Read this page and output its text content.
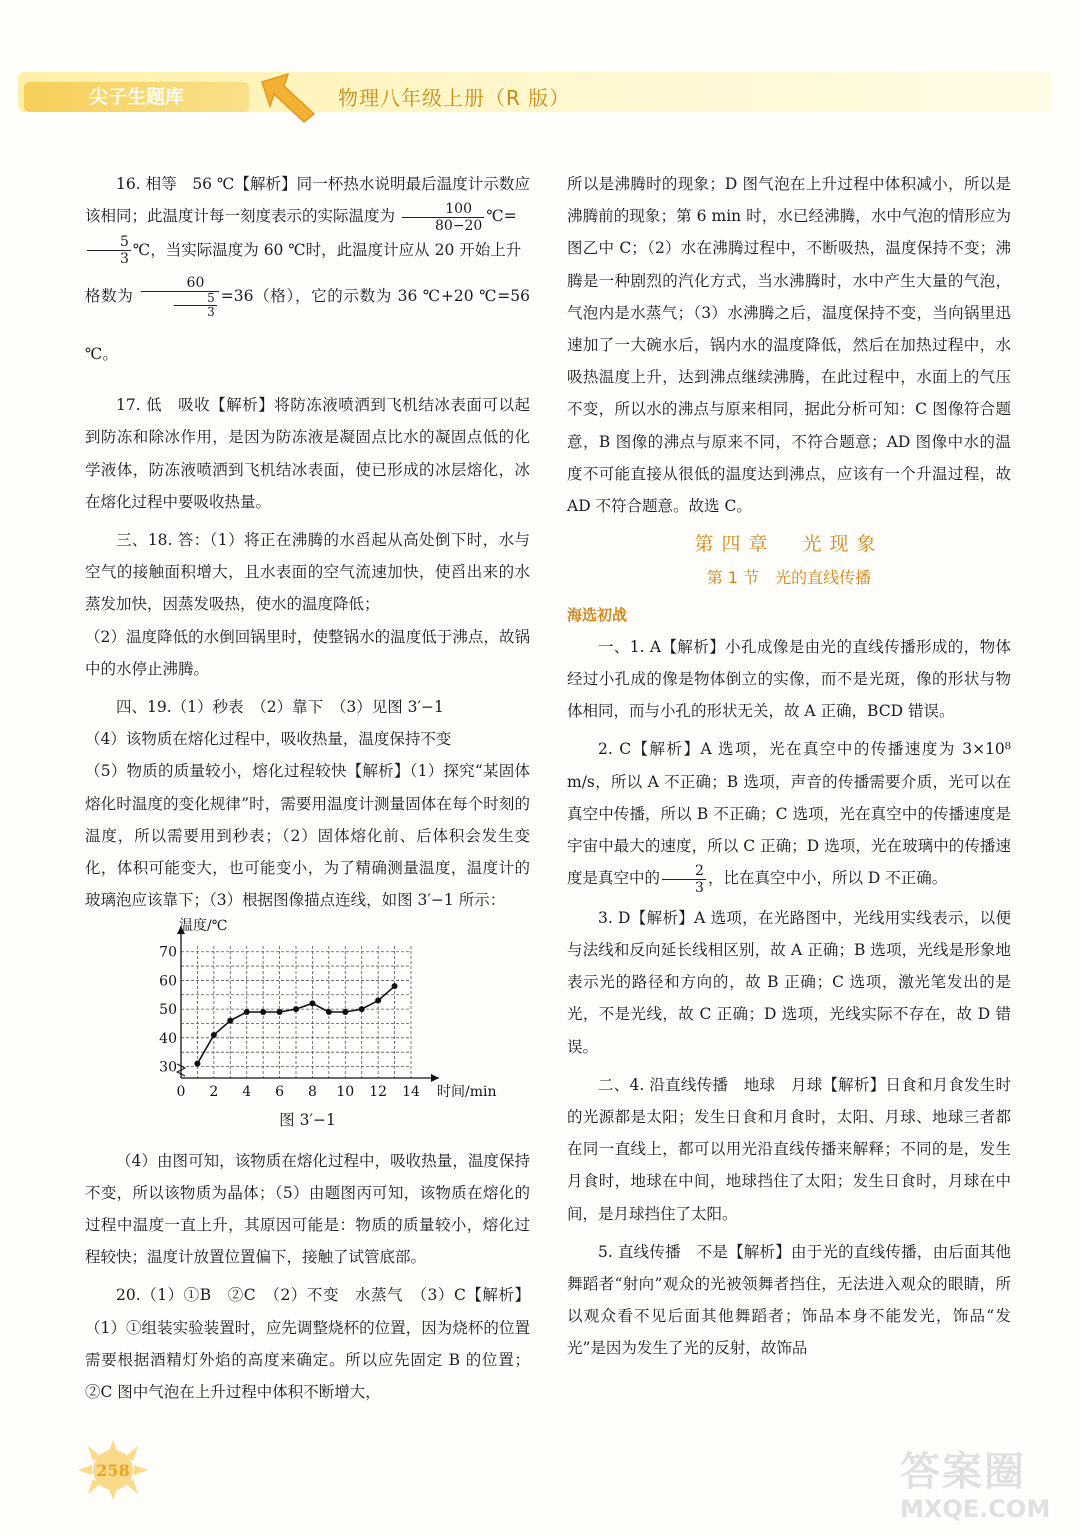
尖子生题库	物理八年级上册（R 版）

16. 相等　56 ℃【解析】同一杯热水说明最后温度计示数应该相同；此温度计每一刻度表示的实际温度为 $\frac{100}{80-20}$ ℃=

$\frac{5}{3}$ ℃，当实际温度为 60 ℃时，此温度计应从 20 开始上升
格数为 $\frac{60}{\frac{5}{3}} =36$（格），它的示数为 36 ℃+20 ℃=56 ℃。

17. 低　吸收【解析】将防冻液喷洒到飞机结冰表面可以起到防冻和除冰作用，是因为防冻液是凝固点比水的凝固点低的化学液体，防冻液喷洒到飞机结冰表面，使已形成的冰层熔化，冰在熔化过程中要吸收热量。

三、18. 答：（1）将正在沸腾的水舀起从高处倒下时，水与空气的接触面积增大，且水表面的空气流速加快，使舀出来的水蒸发加快，因蒸发吸热，使水的温度降低；

（2）温度降低的水倒回锅里时，使整锅水的温度低于沸点，故锅中的水停止沸腾。

四、19.（1）秒表　（2）靠下　（3）见图 3′−1

（4）该物质在熔化过程中，吸收热量，温度保持不变

（5）物质的质量较小，熔化过程较快【解析】（1）探究“某固体熔化时温度的变化规律”时，需要用温度计测量固体在每个时刻的温度，所以需要用到秒表；（2）固体熔化前、后体积会发生变化，体积可能变大，也可能变小，为了精确测量温度，温度计的玻璃泡应该靠下；（3）根据图像描点连线，如图 3′−1 所示：

0 2 4 6 8 10 12 14
30
40
50
60
70
温度/℃
时间/min

图 3′−1

（4）由图可知，该物质在熔化过程中，吸收热量，温度保持不变，所以该物质为晶体；（5）由题图丙可知，该物质在熔化的过程中温度一直上升，其原因可能是：物质的质量较小，熔化过程较快；温度计放置位置偏下，接触了试管底部。

20.（1）①B　②C　（2）不变　水蒸气　（3）C【解析】（1）①组装实验装置时，应先调整烧杯的位置，因为烧杯的位置需要根据酒精灯外焰的高度来确定。所以应先固定 B 的位置；②C 图中气泡在上升过程中体积不断增大，

所以是沸腾时的现象；D 图气泡在上升过程中体积减小，所以是沸腾前的现象；第 6 min 时，水已经沸腾，水中气泡的情形应为图乙中 C；（2）水在沸腾过程中，不断吸热，温度保持不变；沸腾是一种剧烈的汽化方式，当水沸腾时，水中产生大量的气泡，气泡内是水蒸气；（3）水沸腾之后，温度保持不变，当向锅里迅速加了一大碗水后，锅内水的温度降低，然后在加热过程中，水吸热温度上升，达到沸点继续沸腾，在此过程中，水面上的气压不变，所以水的沸点与原来相同，据此分析可知：C 图像符合题意，B 图像的沸点与原来不同，不符合题意；AD 图像中水的温度不可能直接从很低的温度达到沸点，应该有一个升温过程，故 AD 不符合题意。故选 C。

第四章　光现象

第 1 节　光的直线传播

海选初战

一、1. A【解析】小孔成像是由光的直线传播形成的，物体经过小孔成的像是物体倒立的实像，而不是光斑，像的形状与物体相同，而与小孔的形状无关，故 A 正确，BCD 错误。

2. C【解析】A 选项，光在真空中的传播速度为 3×10⁸ m/s，所以 A 不正确；B 选项，声音的传播需要介质，光可以在真空中传播，所以 B 不正确；C 选项，光在真空中的传播速度是宇宙中最大的速度，所以 C 正确；D 选项，光在玻璃中的传播速度是真空中的 $\frac{2}{3}$ ，比在真空中小，所以 D 不正确。

3. D【解析】A 选项，在光路图中，光线用实线表示，以便与法线和反向延长线相区别，故 A 正确；B 选项，光线是形象地表示光的路径和方向的，故 B 正确；C 选项，激光笔发出的是光，不是光线，故 C 正确；D 选项，光线实际不存在，故 D 错误。

二、4. 沿直线传播　地球　月球【解析】日食和月食发生时的光源都是太阳；发生日食和月食时，太阳、月球、地球三者都在同一直线上，都可以用光沿直线传播来解释；不同的是，发生月食时，地球在中间，地球挡住了太阳；发生日食时，月球在中间，是月球挡住了太阳。

5. 直线传播　不是【解析】由于光的直线传播，由后面其他舞蹈者“射向”观众的光被领舞者挡住，无法进入观众的眼睛，所以观众看不见后面其他舞蹈者；饰品本身不能发光，饰品“发光”是因为发生了光的反射，故饰品

258	答案圈
MXQE.COM
